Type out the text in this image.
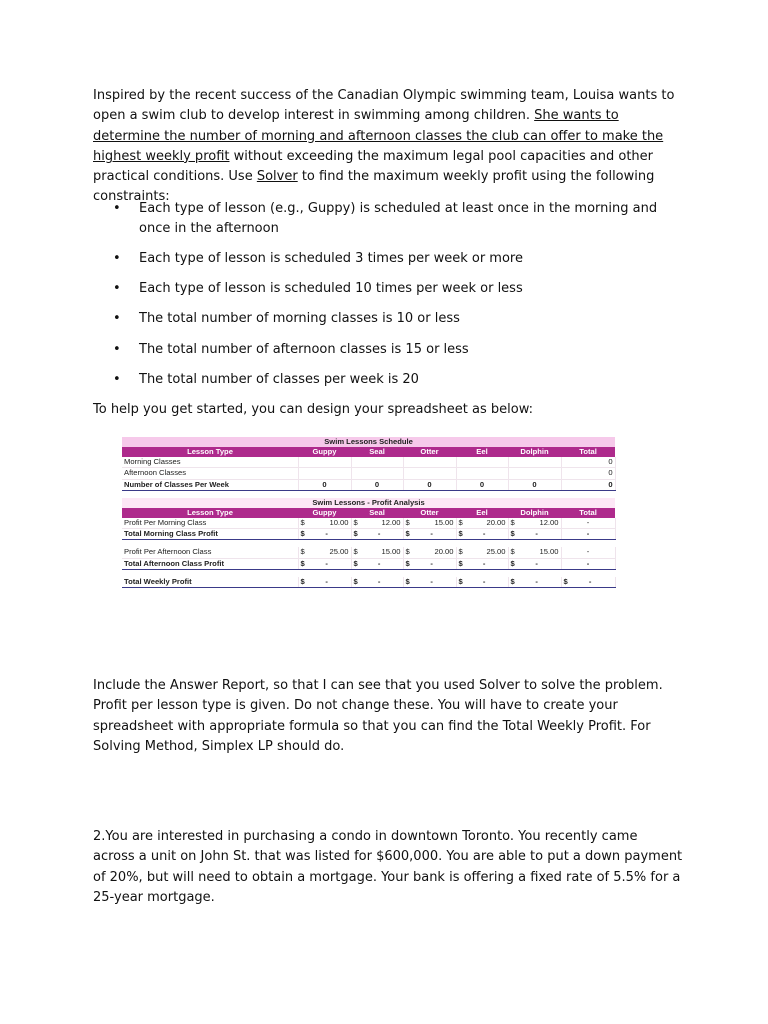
Inspired by the recent success of the Canadian Olympic swimming team, Louisa wants to open a swim club to develop interest in swimming among children. She wants to determine the number of morning and afternoon classes the club can offer to make the highest weekly profit without exceeding the maximum legal pool capacities and other practical conditions. Use Solver to find the maximum weekly profit using the following constraints:
• Each type of lesson (e.g., Guppy) is scheduled at least once in the morning and once in the afternoon
• Each type of lesson is scheduled 3 times per week or more
• Each type of lesson is scheduled 10 times per week or less
• The total number of morning classes is 10 or less
• The total number of afternoon classes is 15 or less
• The total number of classes per week is 20
To help you get started, you can design your spreadsheet as below:
Swim Lessons Schedule						
Lesson Type	Guppy	Seal	Otter	Eel	Dolphin	Total
Morning Classes						0
Afternoon Classes						0
Number of Classes Per Week	0	0	0	0	0	0

Swim Lessons - Profit Analysis						
Lesson Type	Guppy	Seal	Otter	Eel	Dolphin	Total
Profit Per Morning Class	$ 10.00	$ 12.00	$ 15.00	$ 20.00	$ 12.00	-
Total Morning Class Profit	$ -	$ -	$ -	$ -	$ -	-

Profit Per Afternoon Class	$ 25.00	$ 15.00	$ 20.00	$ 25.00	$ 15.00	-
Total Afternoon Class Profit	$ -	$ -	$ -	$ -	$ -	-

Total Weekly Profit	$ -	$ -	$ -	$ -	$ -	$ -
Include the Answer Report, so that I can see that you used Solver to solve the problem. Profit per lesson type is given. Do not change these. You will have to create your spreadsheet with appropriate formula so that you can find the Total Weekly Profit. For Solving Method, Simplex LP should do.
2.You are interested in purchasing a condo in downtown Toronto. You recently came across a unit on John St. that was listed for $600,000. You are able to put a down payment of 20%, but will need to obtain a mortgage. Your bank is offering a fixed rate of 5.5% for a 25-year mortgage.
